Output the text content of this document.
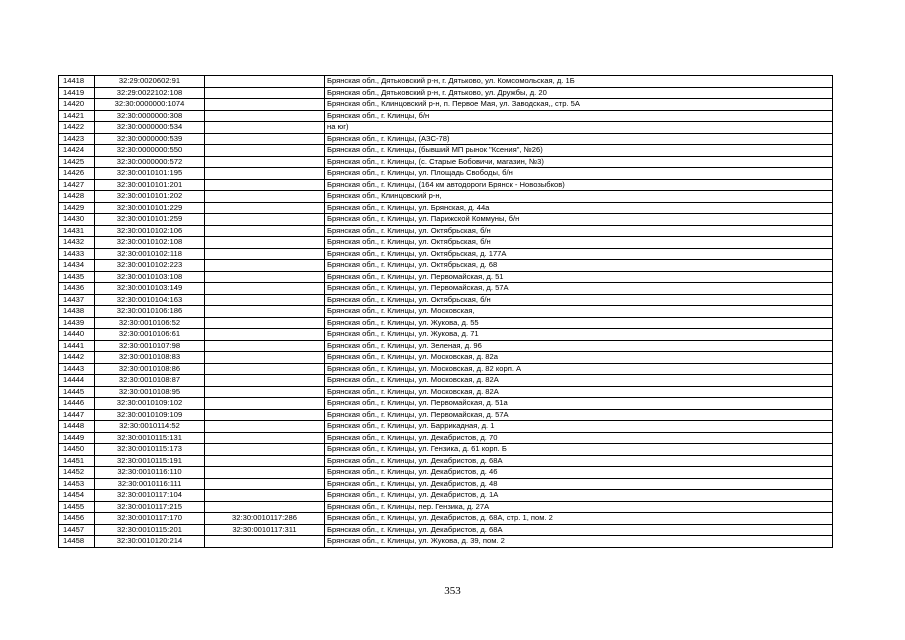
14418	32:29:0020602:91		Брянская обл., Дятьковский р-н, г. Дятьково, ул. Комсомольская, д. 1Б
14419	32:29:0022102:108		Брянская обл., Дятьковский р-н, г. Дятьково, ул. Дружбы, д. 20
14420	32:30:0000000:1074		Брянская обл., Клинцовский р-н, п. Первое Мая, ул. Заводская,, стр. 5А
14421	32:30:0000000:308		Брянская обл., г. Клинцы, б/н
14422	32:30:0000000:534		на юг)
14423	32:30:0000000:539		Брянская обл., г. Клинцы, (АЗС-78)
14424	32:30:0000000:550		Брянская обл., г. Клинцы, (бывший МП рынок "Ксения", №26)
14425	32:30:0000000:572		Брянская обл., г. Клинцы, (с. Старые Бобовичи, магазин, №3)
14426	32:30:0010101:195		Брянская обл., г. Клинцы, ул. Площадь Свободы, б/н
14427	32:30:0010101:201		Брянская обл., г. Клинцы, (164 км автодороги Брянск - Новозыбков)
14428	32:30:0010101:202		Брянская обл., Клинцовский р-н,
14429	32:30:0010101:229		Брянская обл., г. Клинцы, ул. Брянская, д. 44а
14430	32:30:0010101:259		Брянская обл., г. Клинцы, ул. Парижской Коммуны, б/н
14431	32:30:0010102:106		Брянская обл., г. Клинцы, ул. Октябрьская, б/н
14432	32:30:0010102:108		Брянская обл., г. Клинцы, ул. Октябрьская, б/н
14433	32:30:0010102:118		Брянская обл., г. Клинцы, ул. Октябрьская, д. 177А
14434	32:30:0010102:223		Брянская обл., г. Клинцы, ул. Октябрьская, д. 68
14435	32:30:0010103:108		Брянская обл., г. Клинцы, ул. Первомайская, д. 51
14436	32:30:0010103:149		Брянская обл., г. Клинцы, ул. Первомайская, д. 57А
14437	32:30:0010104:163		Брянская обл., г. Клинцы, ул. Октябрьская, б/н
14438	32:30:0010106:186		Брянская обл., г. Клинцы, ул. Московская,
14439	32:30:0010106:52		Брянская обл., г. Клинцы, ул. Жукова, д. 55
14440	32:30:0010106:61		Брянская обл., г. Клинцы, ул. Жукова, д. 71
14441	32:30:0010107:98		Брянская обл., г. Клинцы, ул. Зеленая, д. 96
14442	32:30:0010108:83		Брянская обл., г. Клинцы, ул. Московская, д. 82а
14443	32:30:0010108:86		Брянская обл., г. Клинцы, ул. Московская, д. 82 корп. А
14444	32:30:0010108:87		Брянская обл., г. Клинцы, ул. Московская, д. 82А
14445	32:30:0010108:95		Брянская обл., г. Клинцы, ул. Московская, д. 82А
14446	32:30:0010109:102		Брянская обл., г. Клинцы, ул. Первомайская, д. 51а
14447	32:30:0010109:109		Брянская обл., г. Клинцы, ул. Первомайская, д. 57А
14448	32:30:0010114:52		Брянская обл., г. Клинцы, ул. Баррикадная, д. 1
14449	32:30:0010115:131		Брянская обл., г. Клинцы, ул. Декабристов, д. 70
14450	32:30:0010115:173		Брянская обл., г. Клинцы, ул. Гензика, д. 61 корп. Б
14451	32:30:0010115:191		Брянская обл., г. Клинцы, ул. Декабристов, д. 68А
14452	32:30:0010116:110		Брянская обл., г. Клинцы, ул. Декабристов, д. 46
14453	32:30:0010116:111		Брянская обл., г. Клинцы, ул. Декабристов, д. 48
14454	32:30:0010117:104		Брянская обл., г. Клинцы, ул. Декабристов, д. 1А
14455	32:30:0010117:215		Брянская обл., г. Клинцы, пер. Гензика, д. 27А
14456	32:30:0010117:170	32:30:0010117:286	Брянская обл., г. Клинцы, ул. Декабристов, д. 68А, стр. 1, пом. 2
14457	32:30:0010115:201	32:30:0010117:311	Брянская обл., г. Клинцы, ул. Декабристов, д. 68А
14458	32:30:0010120:214		Брянская обл., г. Клинцы, ул. Жукова, д. 39, пом. 2
353
